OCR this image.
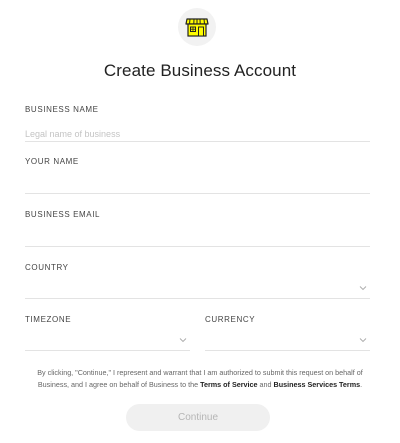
Create Business Account
BUSINESS NAME
Legal name of business
YOUR NAME
BUSINESS EMAIL
COUNTRY
TIMEZONE	CURRENCY
By clicking, "Continue," I represent and warrant that I am authorized to submit this request on behalf of Business, and I agree on behalf of Business to the Terms of Service and Business Services Terms.
Continue
